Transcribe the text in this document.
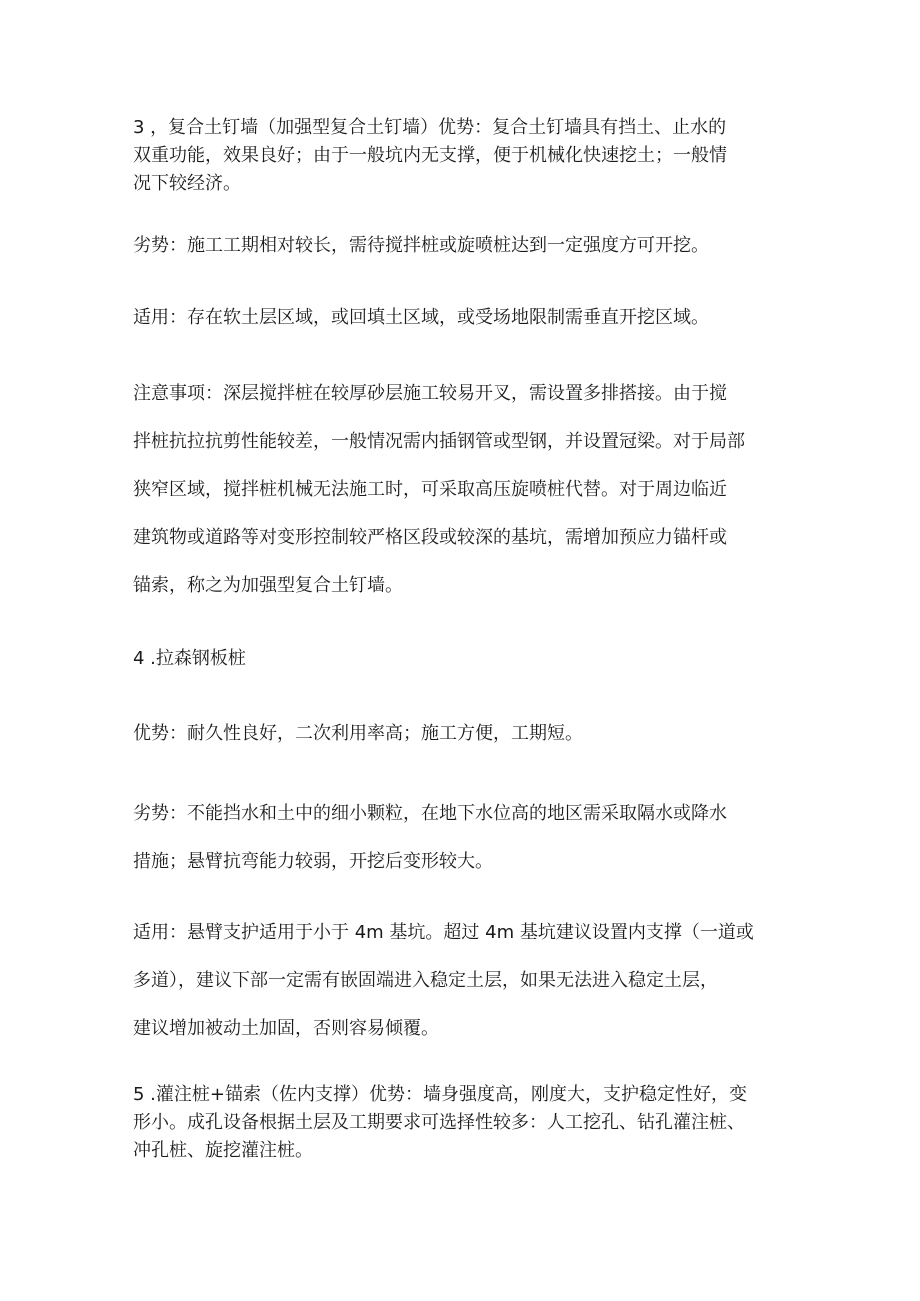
3 ，复合土钉墙（加强型复合土钉墙）优势：复合土钉墙具有挡土、止水的
双重功能，效果良好；由于一般坑内无支撑，便于机械化快速挖土；一般情
况下较经济。

劣势：施工工期相对较长，需待搅拌桩或旋喷桩达到一定强度方可开挖。

适用：存在软土层区域，或回填土区域，或受场地限制需垂直开挖区域。

注意事项：深层搅拌桩在较厚砂层施工较易开叉，需设置多排搭接。由于搅
拌桩抗拉抗剪性能较差，一般情况需内插钢管或型钢，并设置冠梁。对于局部
狭窄区域，搅拌桩机械无法施工时，可采取高压旋喷桩代替。对于周边临近
建筑物或道路等对变形控制较严格区段或较深的基坑，需增加预应力锚杆或
锚索，称之为加强型复合土钉墙。

4 .拉森钢板桩

优势：耐久性良好，二次利用率高；施工方便，工期短。

劣势：不能挡水和土中的细小颗粒，在地下水位高的地区需采取隔水或降水
措施；悬臂抗弯能力较弱，开挖后变形较大。

适用：悬臂支护适用于小于 4m 基坑。超过 4m 基坑建议设置内支撑（一道或
多道），建议下部一定需有嵌固端进入稳定土层，如果无法进入稳定土层，
建议增加被动土加固，否则容易倾覆。

5 .灌注桩+锚索（佐内支撑）优势：墙身强度高，刚度大，支护稳定性好，变
形小。成孔设备根据土层及工期要求可选择性较多：人工挖孔、钻孔灌注桩、
冲孔桩、旋挖灌注桩。
